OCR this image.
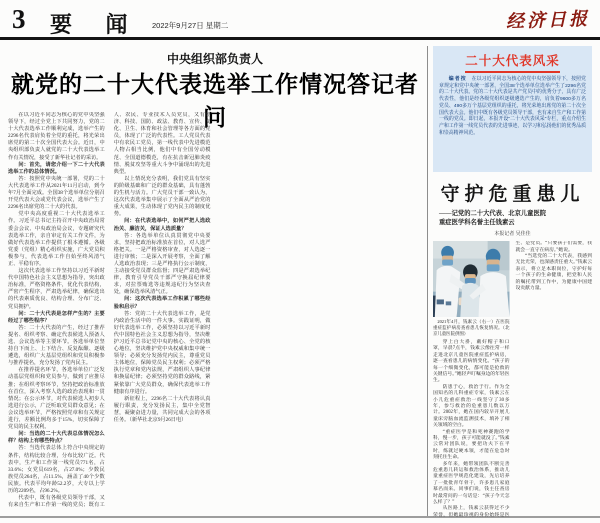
3 要 闻 2022年9月27日 星期二	经济日报
中央组织部负责人
就党的二十大代表选举工作情况答记者问

在以习近平同志为核心的党中央坚强领导下，经过全党上下共同努力，党的二十大代表选举工作顺利完成，选举产生的2296名代表肩负着全党的重托，将光荣出席党的第二十次全国代表大会。近日，中央组织部负责人就党的二十大代表选举工作有关情况，接受了新华社记者的采访。

问：首先，请您介绍一下二十大代表选举工作的总体情况。

答：按照党中央统一部署，党的二十大代表选举工作从2021年11月启动，到今年7月全面完成。全国38个选举单位分别召开党代表大会或党代表会议，选举产生了2296名出席党的二十大的代表。

党中央高度重视二十大代表选举工作。习近平总书记主持召开中央政治局常委会会议、中央政治局会议，专题研究代表选举工作，亲自审定有关工作文件，为做好代表选举工作提供了根本遵循。各级党委（党组）精心组织实施，广大党员积极参与，代表选举工作自始至终风清气正、平稳有序。

这次代表选举工作坚持以习近平新时代中国特色社会主义思想为指导，突出政治标准，严格资格条件，优化代表结构，严密产生程序，严肃选举纪律，确保选出的代表素质优良、结构合理、分布广泛、党员拥护。

问：二十大代表是怎样产生的？主要经过了哪些程序？

答：二十大代表的产生，经过了推荐提名、组织考察、确定代表候选人预备人选、会议选举等主要环节。各选举单位坚持自下而上、上下结合、反复酝酿、逐级遴选，组织广大基层党组织和党员积极参与推荐提名，充分发扬了党内民主。

在推荐提名环节，各选举单位广泛发动基层党组织和党员参与，做到了应推尽推；在组织考察环节，坚持把政治标准放在首位，深入考察人选的政治表现和一贯情况；在公示环节，对代表候选人初步人选进行公示，广泛听取党员群众意见；在会议选举环节，严格按照党章和有关规定进行，差额比例均多于15%，切实保障了党员的民主权利。

问：当选的二十大代表总体情况怎么样？结构上有哪些特点？

答：当选代表总体上符合中央规定的条件，结构比较合理，分布比较广泛。代表中，生产和工作第一线党员771名，占33.6%；女党员619名，占27.0%；少数民族党员264名，占11.5%，涵盖了40个少数民族。代表平均年龄52.2岁，大专以上学历的2209名，占96.2%。

代表中，既有各级党员领导干部，又有来自生产和工作第一线的党员；既有工人、农民、专业技术人员党员，又有经济、科技、国防、政法、教育、宣传、文化、卫生、体育和社会管理等各方面的党员，体现了广泛的代表性。工人党员代表中有农民工党员，第一线代表中先进模范人物占相当比例，他们中有全国劳动模范、全国道德模范，有在抗击新冠肺炎疫情、脱贫攻坚等重大斗争中涌现出的先进典型。

以上情况充分表明，我们党具有坚实的阶级基础和广泛的群众基础，具有蓬勃的生机与活力。广大党员干部一致认为，这次代表选举集中展示了全面从严治党的重大成果，生动体现了党内民主的制度优势。

问：在代表选举中，如何严把人选政治关、廉洁关，保证人选质量？

答：各选举单位认真贯彻党中央要求，坚持把政治标准放在首位，对人选严格把关。一是严格资格审查，对人选逐一进行审核；二是深入开展考察，全面了解人选政治表现；三是严格执行公示制度，主动接受党员群众监督；四是严肃选举纪律，教育引导党员干部严守换届纪律要求，对拉票贿选等违规违纪行为坚决查处，确保选举风清气正。

问：这次代表选举工作积累了哪些经验和启示？

答：党的二十大代表选举工作，是党内政治生活中的一件大事。实践证明，做好代表选举工作，必须坚持以习近平新时代中国特色社会主义思想为指导，坚决维护习近平总书记党中央的核心、全党的核心地位，坚决维护党中央权威和集中统一领导；必须充分发扬党内民主，尊重党员主体地位，保障党员民主权利；必须严格执行党章和党内法规，严肃组织人事纪律和换届纪律；必须坚持党的群众路线，紧紧依靠广大党员群众，确保代表选举工作健康有序进行。

新征程上，2296名二十大代表将认真履行职责，充分发扬民主，集中全党智慧，凝聚奋进力量，共同完成大会的各项任务。（新华社北京9月26日电）

二十大代表风采

编者按　 在以习近平同志为核心的党中央坚强领导下，按照党章规定和党中央统一部署，全国38个选举单位选举产生了2296名党的二十大代表。党的二十大代表是共产党员中的优秀分子，具有广泛代表性，他们是经各级党组织逐级遴选产生的，肩负着9600多万名党员、490多万个基层党组织的重托，将光荣地出席党的第二十次全国代表大会。他们中既有各级党员领导干部，也有来自生产和工作第一线的党员。即日起，本报开设“二十大代表风采”专栏，重点介绍生产和工作第一线党员代表的先进事迹，以学习和弘扬他们的优秀品质和崇高精神风范。

守护危重患儿
——记党的二十大代表、北京儿童医院
重症医学科名誉主任钱素云
本报记者 吴佳佳
2021年4月，钱素云（右一）在医院重症监护病房查看患儿恢复情况。（北京儿童医院供图）

穿上白大褂，戴好帽子和口罩，早晨7点半，钱素云像往常一样走进北京儿童医院重症监护病房，逐一查看患儿的病情变化。“孩子的每一个细微变化，都可能是抢救的关键信号。”她轻声叮嘱身边的年轻医生。

防患于心，救治于行。作为全国知名的儿科重症专家，钱素云在小儿危重症救治一线坚守了30多年，参与救治的危重患儿数以万计。2002年，她在国内较早开展儿童床旁脑血流监测技术，填补了相关领域的空白。

“重症医学是和死神赛跑的学科，慢一步，孩子可能就没了。”钱素云常对团队说，要把功夫下在平时，练就过硬本领，才能在危急时刻托住生命。

多年来，她带领团队不断完善危重患儿转运和救治体系，推动儿童重症医学规范化建设，先后培养了一批批青年骨干，许多患儿家庭慕名而来。同事们说，钱主任查房时最常问的一句话是：“孩子今天怎么样了？”

从医路上，钱素云获得过不少荣誉，但她最珍视的身份始终是医生、是党员。“只要孩子们需要，我就会一直守在病房。”她说。

“当选党的二十大代表，我感到无比光荣，也深感责任重大。”钱素云表示，将立足本职岗位，守护好每一个孩子的生命健康，把党和人民的嘱托带到工作中，为健康中国建设贡献力量。
